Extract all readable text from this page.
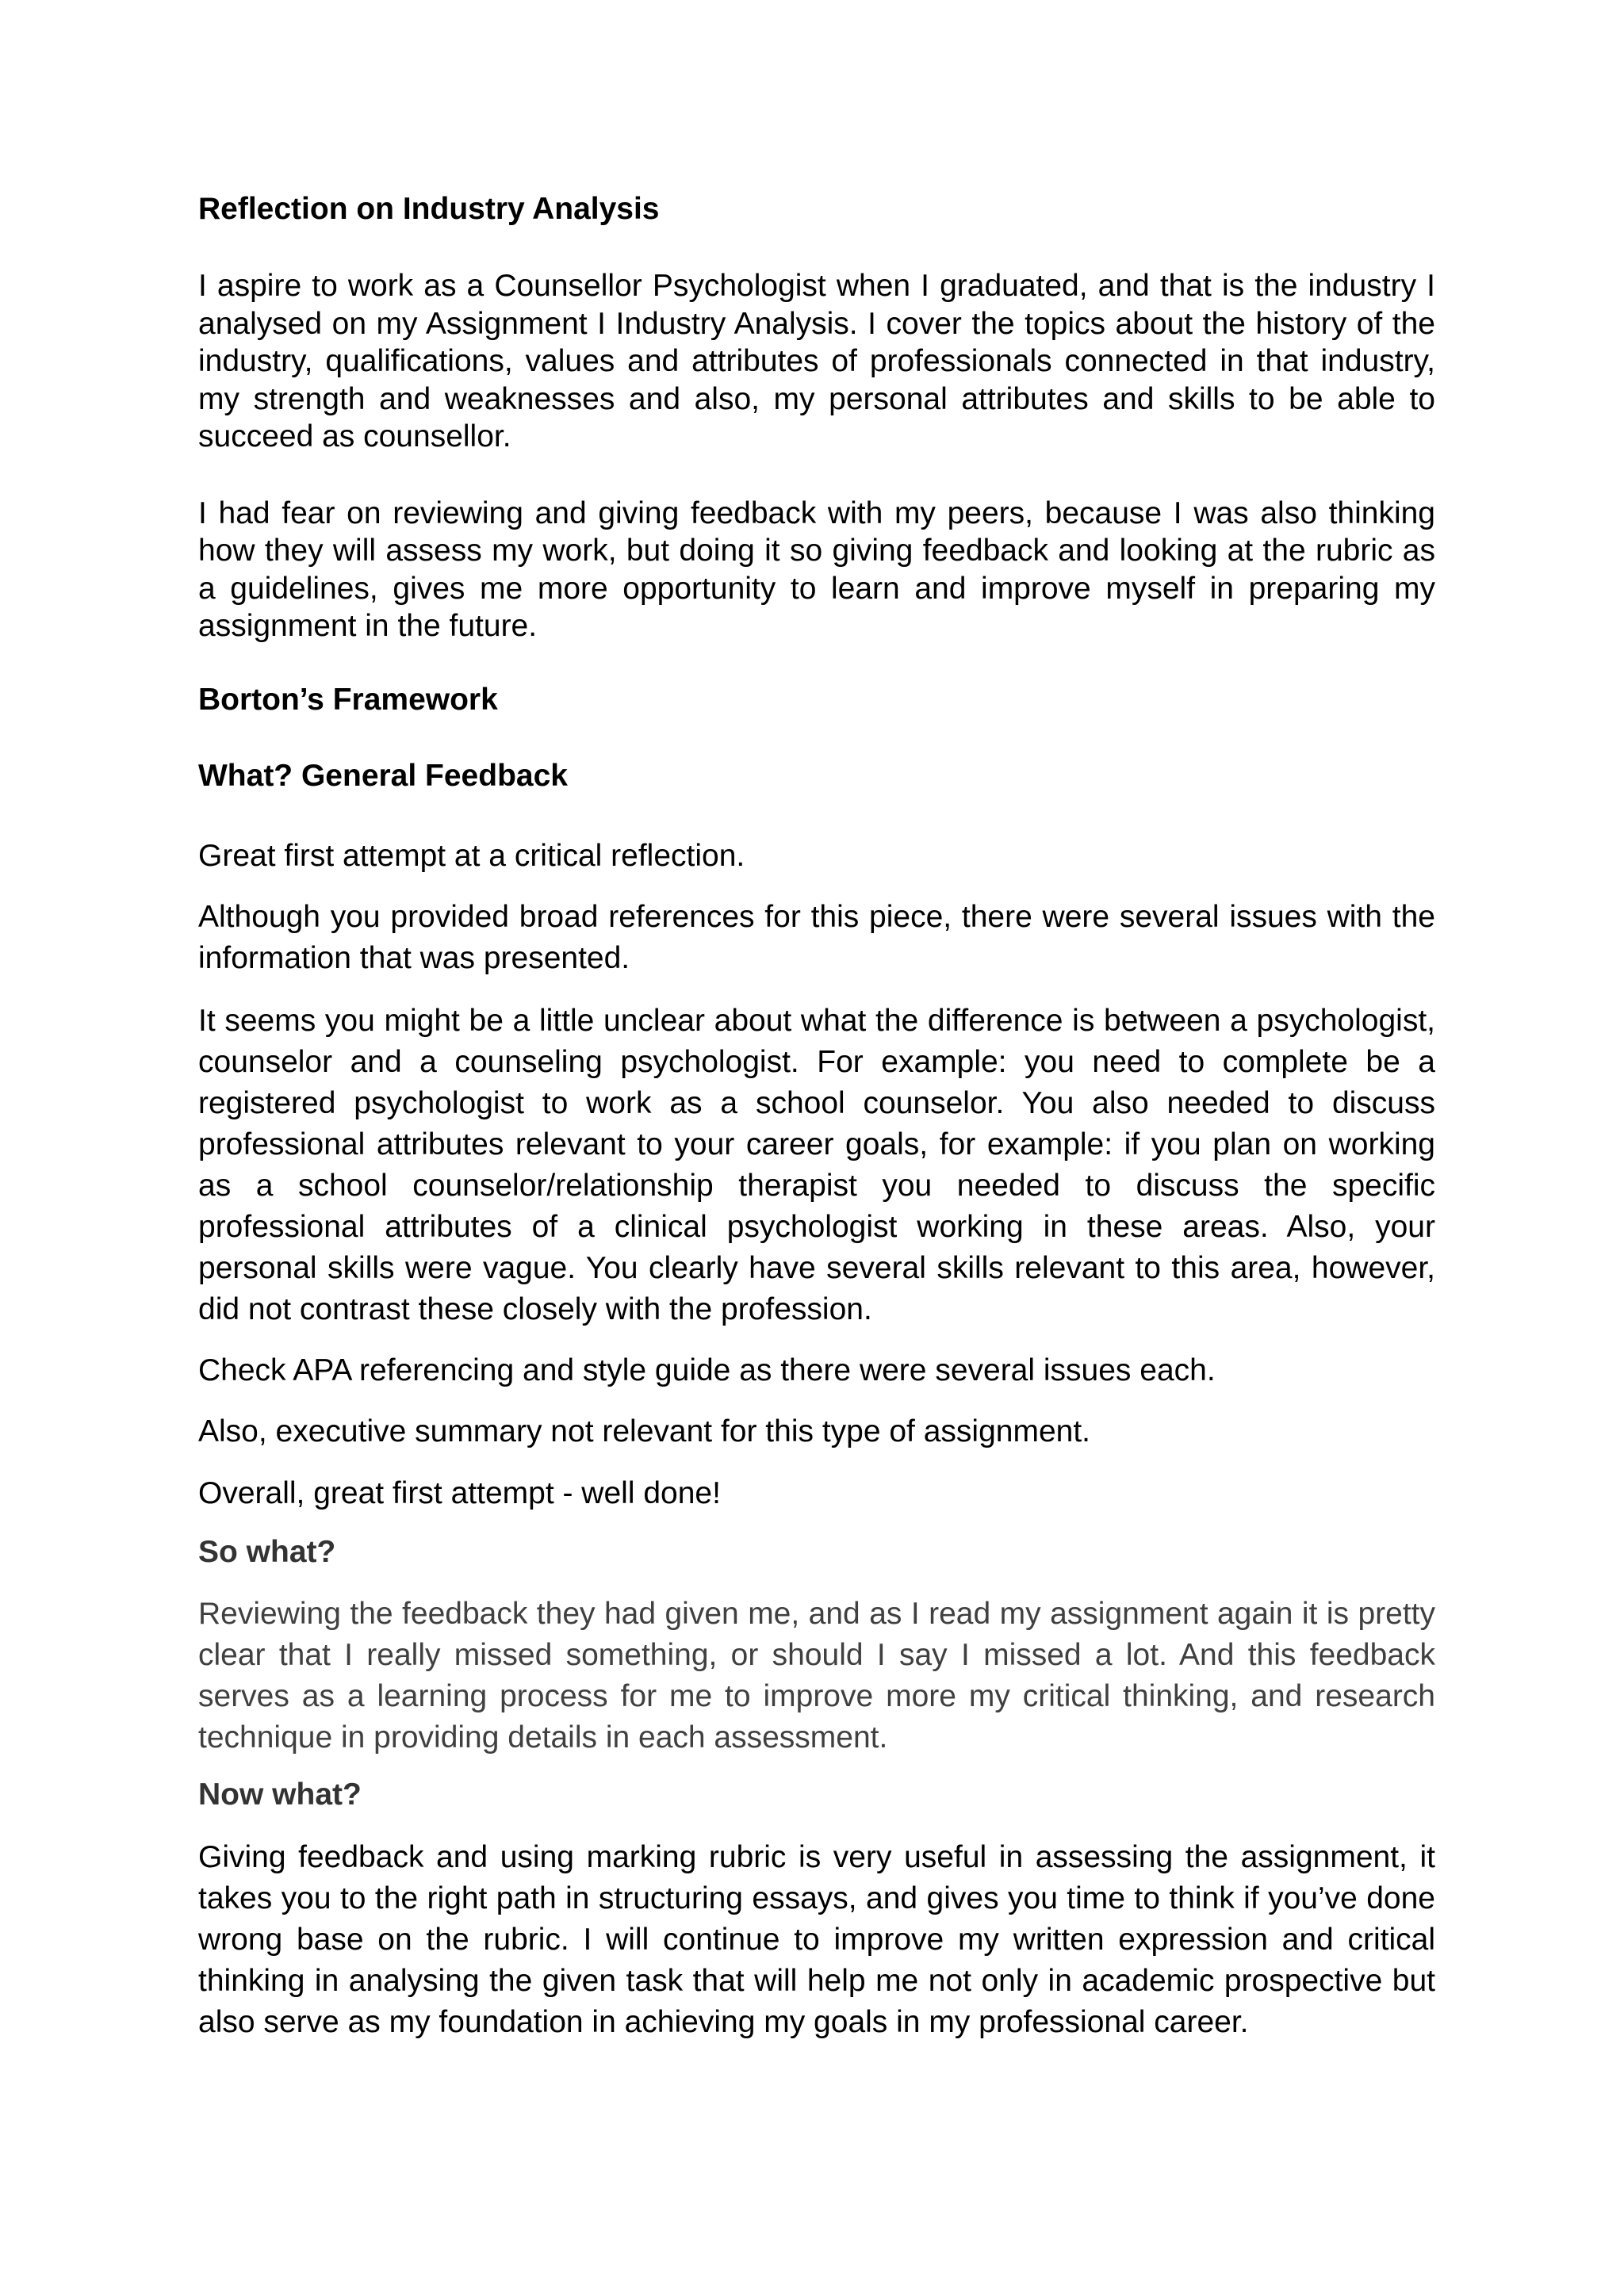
Reflection on Industry Analysis

I aspire to work as a Counsellor Psychologist when I graduated, and that is the industry I analysed on my Assignment I Industry Analysis. I cover the topics about the history of the industry, qualifications, values and attributes of professionals connected in that industry, my strength and weaknesses and also, my personal attributes and skills to be able to succeed as counsellor.

I had fear on reviewing and giving feedback with my peers, because I was also thinking how they will assess my work, but doing it so giving feedback and looking at the rubric as a guidelines, gives me more opportunity to learn and improve myself in preparing my assignment in the future.

Borton’s Framework
What? General Feedback

Great first attempt at a critical reflection.

Although you provided broad references for this piece, there were several issues with the information that was presented.

It seems you might be a little unclear about what the difference is between a psychologist, counselor and a counseling psychologist. For example: you need to complete be a registered psychologist to work as a school counselor. You also needed to discuss professional attributes relevant to your career goals, for example: if you plan on working as a school counselor/relationship therapist you needed to discuss the specific professional attributes of a clinical psychologist working in these areas. Also, your personal skills were vague. You clearly have several skills relevant to this area, however, did not contrast these closely with the profession.

Check APA referencing and style guide as there were several issues each.

Also, executive summary not relevant for this type of assignment.

Overall, great first attempt - well done!

So what?

Reviewing the feedback they had given me, and as I read my assignment again it is pretty clear that I really missed something, or should I say I missed a lot. And this feedback serves as a learning process for me to improve more my critical thinking, and research technique in providing details in each assessment.

Now what?

Giving feedback and using marking rubric is very useful in assessing the assignment, it takes you to the right path in structuring essays, and gives you time to think if you’ve done wrong base on the rubric. I will continue to improve my written expression and critical thinking in analysing the given task that will help me not only in academic prospective but also serve as my foundation in achieving my goals in my professional career.
